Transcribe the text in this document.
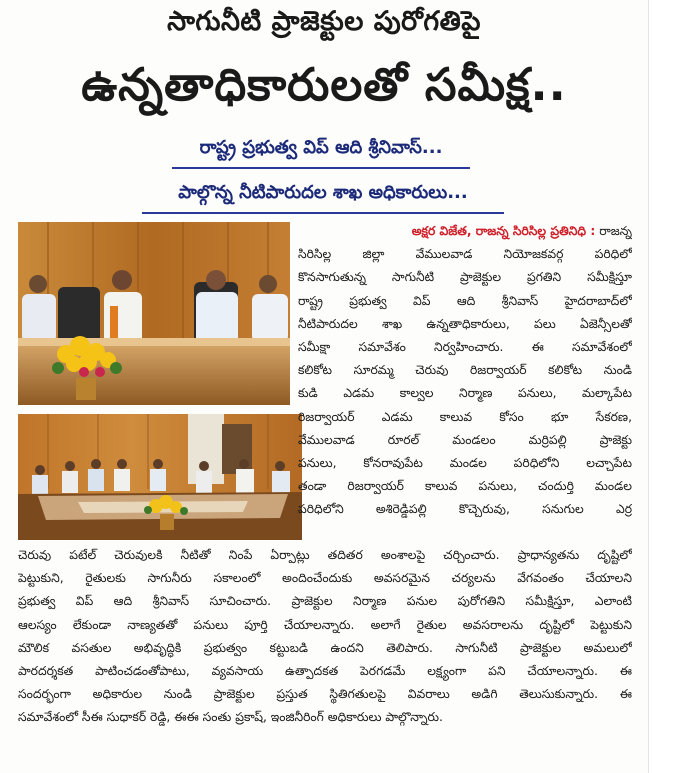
సాగునీటి ప్రాజెక్టుల పురోగతిపై
ఉన్నతాధికారులతో సమీక్ష..
రాష్ట్ర ప్రభుత్వ విప్ ఆది శ్రీనివాస్...
పాల్గొన్న నీటిపారుదల శాఖ అధికారులు...
అక్షర విజేత, రాజన్న సిరిసిల్ల ప్రతినిధి : రాజన్న
సిరిసిల్ల జిల్లా వేములవాడ నియోజకవర్గ పరిధిలో
కొనసాగుతున్న సాగునీటి ప్రాజెక్టుల ప్రగతిని సమీక్షిస్తూ
రాష్ట్ర ప్రభుత్వ విప్ ఆది శ్రీనివాస్ హైదరాబాద్‌లో
నీటిపారుదల శాఖ ఉన్నతాధికారులు, పలు ఏజెన్సీలతో
సమీక్షా సమావేశం నిర్వహించారు. ఈ సమావేశంలో
కలికోట సూరమ్మ చెరువు రిజర్వాయర్ కలికోట నుండి
కుడి ఎడమ కాల్వల నిర్మాణ పనులు, మల్కాపేట
రిజర్వాయర్ ఎడమ కాలువ కోసం భూ సేకరణ,
వేములవాడ రూరల్ మండలం మర్రిపల్లి ప్రాజెక్టు
పనులు, కోనరావుపేట మండల పరిధిలోని లచ్చాపేట
తండా రిజర్వాయర్ కాలువ పనులు, చందుర్తి మండల
పరిధిలోని అశిరెడ్డిపల్లి కొచ్చెరువు, సనుగుల ఎర్ర
చెరువు పటేల్ చెరువులకి నీటితో నింపే ఏర్పాట్లు తదితర అంశాలపై చర్చించారు. ప్రాధాన్యతను దృష్టిలో
పెట్టుకుని, రైతులకు సాగునీరు సకాలంలో అందించేందుకు అవసరమైన చర్యలను వేగవంతం చేయాలని
ప్రభుత్వ విప్ ఆది శ్రీనివాస్ సూచించారు. ప్రాజెక్టుల నిర్మాణ పనుల పురోగతిని సమీక్షిస్తూ, ఎలాంటి
ఆలస్యం లేకుండా నాణ్యతతో పనులు పూర్తి చేయాలన్నారు. అలాగే రైతుల అవసరాలను దృష్టిలో పెట్టుకుని
మౌలిక వసతుల అభివృద్ధికి ప్రభుత్వం కట్టుబడి ఉందని తెలిపారు. సాగునీటి ప్రాజెక్టుల అమలులో
పారదర్శకత పాటించడంతోపాటు, వ్యవసాయ ఉత్పాదకత పెరగడమే లక్ష్యంగా పని చేయాలన్నారు. ఈ
సందర్భంగా అధికారుల నుండి ప్రాజెక్టుల ప్రస్తుత స్థితిగతులపై వివరాలు అడిగి తెలుసుకున్నారు. ఈ
సమావేశంలో సీఈ సుధాకర్ రెడ్డి, ఈఈ సంతు ప్రకాష్, ఇంజినీరింగ్ అధికారులు పాల్గొన్నారు.
